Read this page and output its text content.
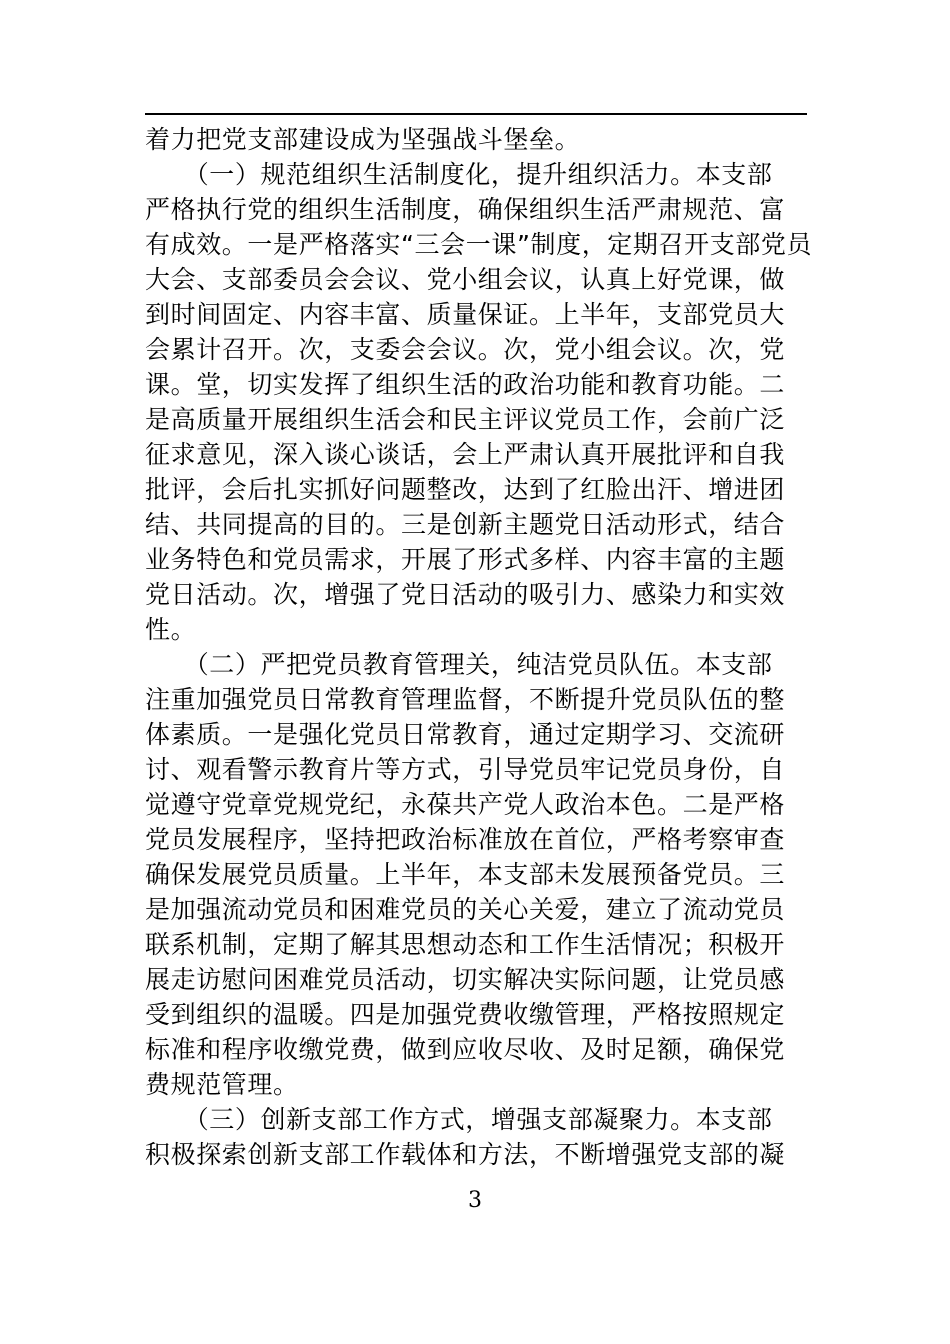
着力把党支部建设成为坚强战斗堡垒。
　　（一）规范组织生活制度化，提升组织活力。本支部
严格执行党的组织生活制度，确保组织生活严肃规范、富
有成效。一是严格落实“三会一课”制度，定期召开支部党员
大会、支部委员会会议、党小组会议，认真上好党课，做
到时间固定、内容丰富、质量保证。上半年，支部党员大
会累计召开。次，支委会会议。次，党小组会议。次，党
课。堂，切实发挥了组织生活的政治功能和教育功能。二
是高质量开展组织生活会和民主评议党员工作，会前广泛
征求意见，深入谈心谈话，会上严肃认真开展批评和自我
批评，会后扎实抓好问题整改，达到了红脸出汗、增进团
结、共同提高的目的。三是创新主题党日活动形式，结合
业务特色和党员需求，开展了形式多样、内容丰富的主题
党日活动。次，增强了党日活动的吸引力、感染力和实效
性。
　　（二）严把党员教育管理关，纯洁党员队伍。本支部
注重加强党员日常教育管理监督，不断提升党员队伍的整
体素质。一是强化党员日常教育，通过定期学习、交流研
讨、观看警示教育片等方式，引导党员牢记党员身份，自
觉遵守党章党规党纪，永葆共产党人政治本色。二是严格
党员发展程序，坚持把政治标准放在首位，严格考察审查
确保发展党员质量。上半年，本支部未发展预备党员。三
是加强流动党员和困难党员的关心关爱，建立了流动党员
联系机制，定期了解其思想动态和工作生活情况；积极开
展走访慰问困难党员活动，切实解决实际问题，让党员感
受到组织的温暖。四是加强党费收缴管理，严格按照规定
标准和程序收缴党费，做到应收尽收、及时足额，确保党
费规范管理。
　　（三）创新支部工作方式，增强支部凝聚力。本支部
积极探索创新支部工作载体和方法，不断增强党支部的凝
3
